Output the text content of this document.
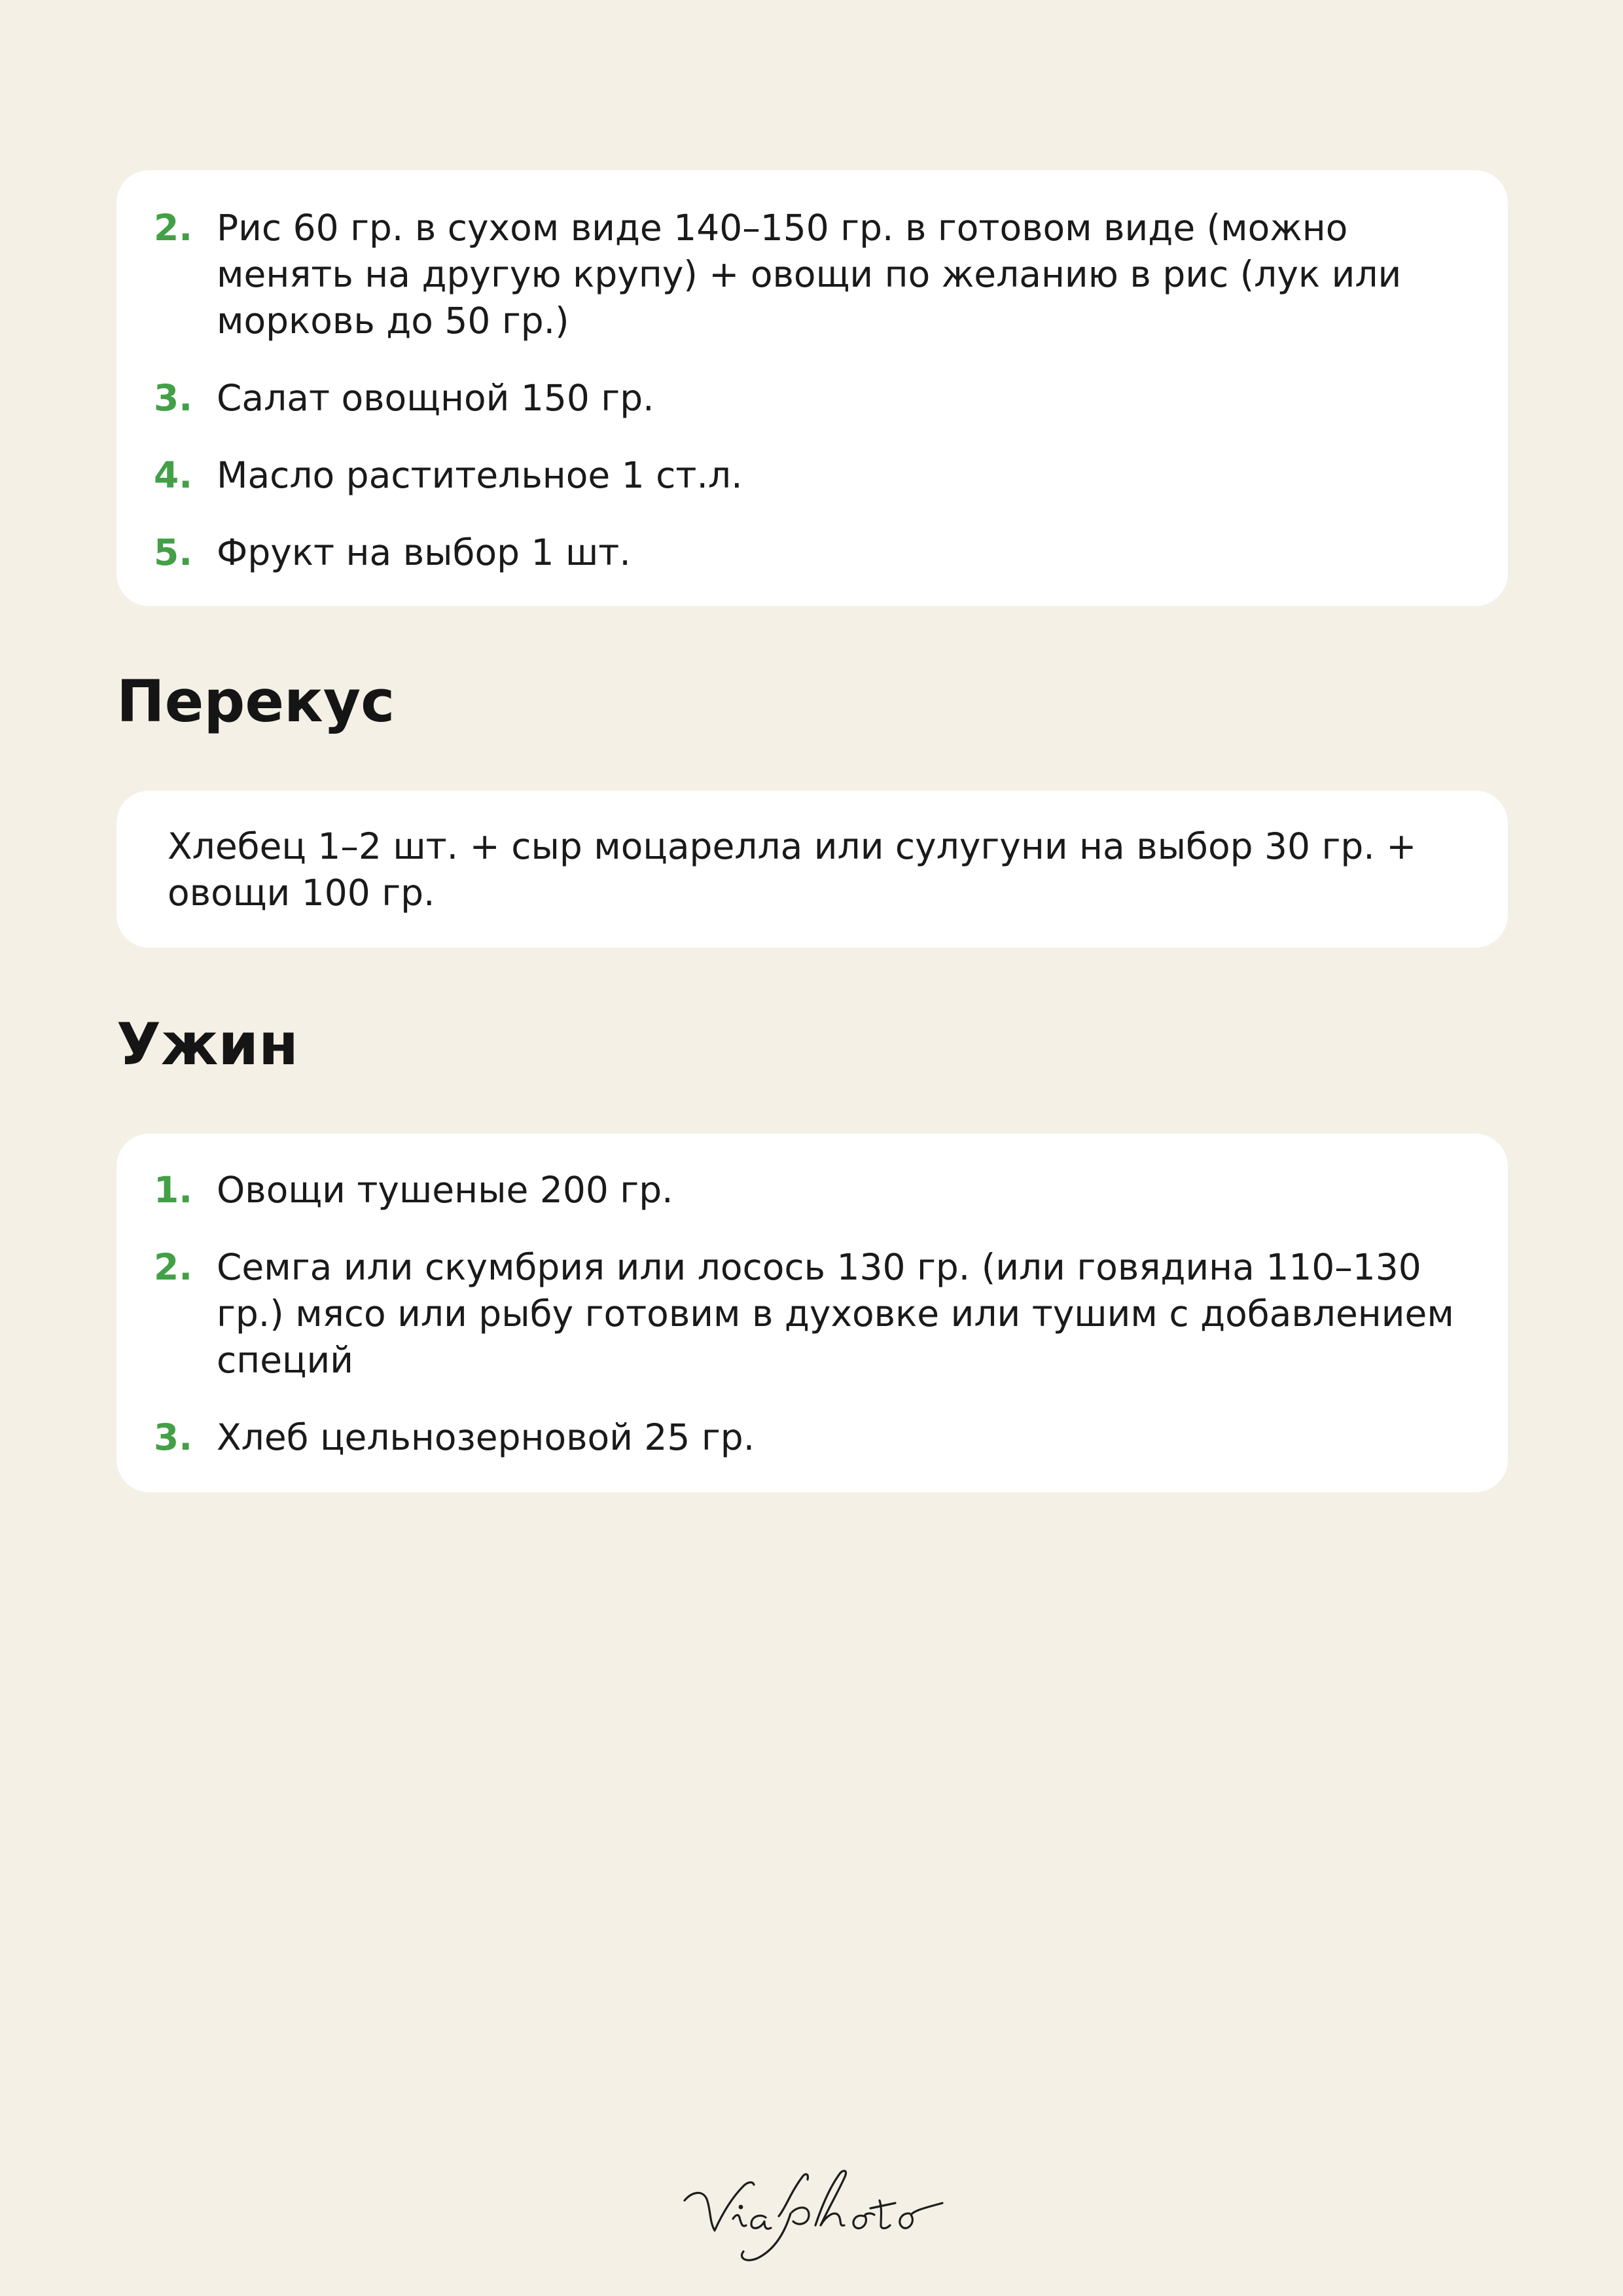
2. Рис 60 гр. в сухом виде 140–150 гр. в готовом виде (можно менять на другую крупу) + овощи по желанию в рис (лук или морковь до 50 гр.)
3. Салат овощной 150 гр.
4. Масло растительное 1 ст.л.
5. Фрукт на выбор 1 шт.
Перекус

Хлебец 1–2 шт. + сыр моцарелла или сулугуни на выбор 30 гр. + овощи 100 гр.

Ужин
1. Овощи тушеные 200 гр.
2. Семга или скумбрия или лосось 130 гр. (или говядина 110–130 гр.) мясо или рыбу готовим в духовке или тушим с добавлением специй
3. Хлеб цельнозерновой 25 гр.
